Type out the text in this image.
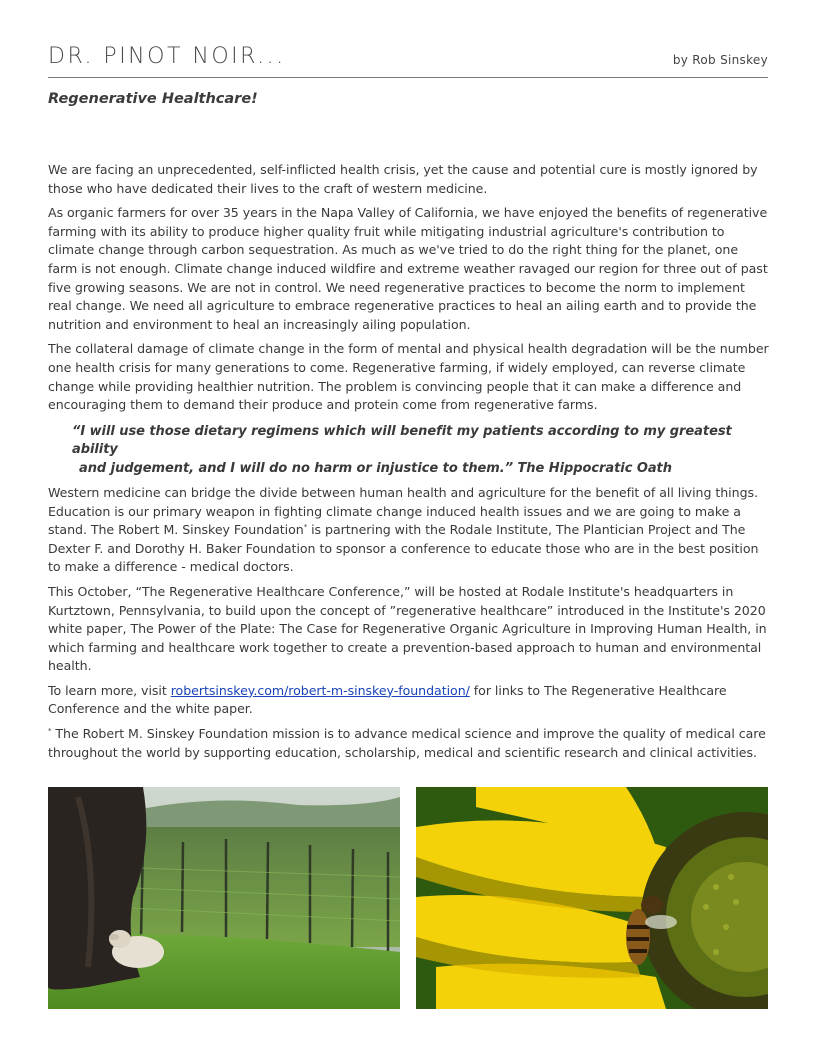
DR. PINOT NOIR...	by Rob Sinskey
Regenerative Healthcare!

We are facing an unprecedented, self-inflicted health crisis, yet the cause and potential cure is mostly ignored by those who have dedicated their lives to the craft of western medicine.

As organic farmers for over 35 years in the Napa Valley of California, we have enjoyed the benefits of regenerative farming with its ability to produce higher quality fruit while mitigating industrial agriculture's contribution to climate change through carbon sequestration. As much as we've tried to do the right thing for the planet, one farm is not enough. Climate change induced wildfire and extreme weather ravaged our region for three out of past five growing seasons. We are not in control. We need regenerative practices to become the norm to implement real change. We need all agriculture to embrace regenerative practices to heal an ailing earth and to provide the nutrition and environment to heal an increasingly ailing population.

The collateral damage of climate change in the form of mental and physical health degradation will be the number one health crisis for many generations to come. Regenerative farming, if widely employed, can reverse climate change while providing healthier nutrition. The problem is convincing people that it can make a difference and encouraging them to demand their produce and protein come from regenerative farms.

“I will use those dietary regimens which will benefit my patients according to my greatest ability
and judgement, and I will do no harm or injustice to them.” The Hippocratic Oath

Western medicine can bridge the divide between human health and agriculture for the benefit of all living things. Education is our primary weapon in fighting climate change induced health issues and we are going to make a stand. The Robert M. Sinskey Foundation* is partnering with the Rodale Institute, The Plantician Project and The Dexter F. and Dorothy H. Baker Foundation to sponsor a conference to educate those who are in the best position to make a difference - medical doctors.

This October, “The Regenerative Healthcare Conference,” will be hosted at Rodale Institute's headquarters in Kurtztown, Pennsylvania, to build upon the concept of ”regenerative healthcare” introduced in the Institute's 2020 white paper, The Power of the Plate: The Case for Regenerative Organic Agriculture in Improving Human Health, in which farming and healthcare work together to create a prevention-based approach to human and environmental health.

To learn more, visit robertsinskey.com/robert-m-sinskey-foundation/ for links to The Regenerative Healthcare Conference and the white paper.

* The Robert M. Sinskey Foundation mission is to advance medical science and improve the quality of medical care throughout the world by supporting education, scholarship, medical and scientific research and clinical activities.
